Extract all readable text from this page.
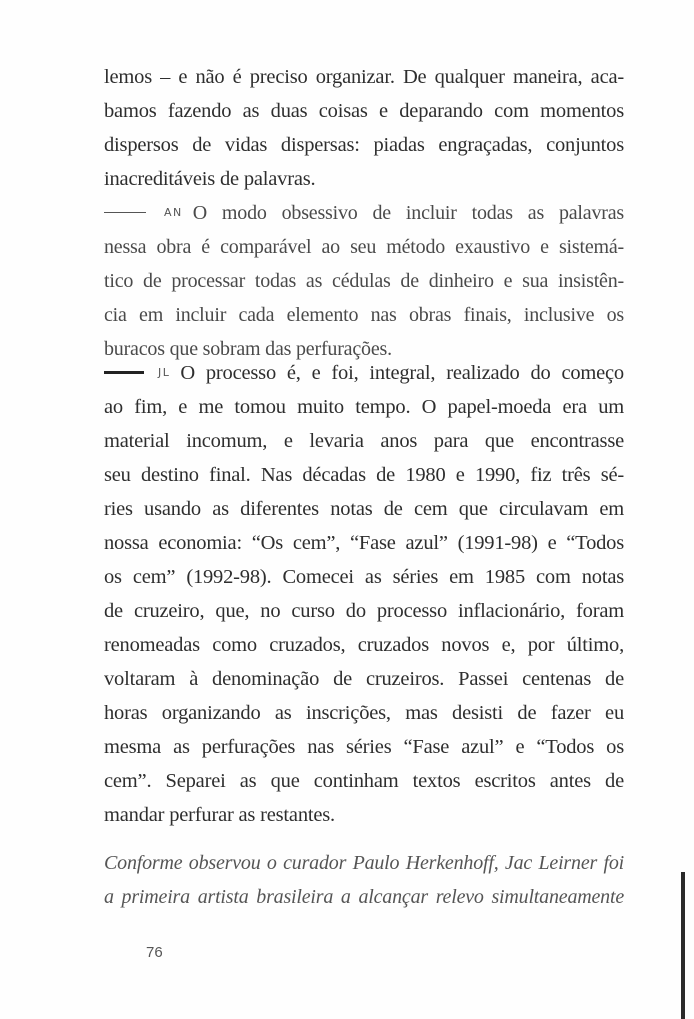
lemos – e não é preciso organizar. De qualquer maneira, aca-
bamos fazendo as duas coisas e deparando com momentos
dispersos de vidas dispersas: piadas engraçadas, conjuntos
inacreditáveis de palavras.
AN O modo obsessivo de incluir todas as palavras
nessa obra é comparável ao seu método exaustivo e sistemá-
tico de processar todas as cédulas de dinheiro e sua insistên-
cia em incluir cada elemento nas obras finais, inclusive os
buracos que sobram das perfurações.
JL O processo é, e foi, integral, realizado do começo
ao fim, e me tomou muito tempo. O papel-moeda era um
material incomum, e levaria anos para que encontrasse
seu destino final. Nas décadas de 1980 e 1990, fiz três sé-
ries usando as diferentes notas de cem que circulavam em
nossa economia: “Os cem”, “Fase azul” (1991-98) e “Todos
os cem” (1992-98). Comecei as séries em 1985 com notas
de cruzeiro, que, no curso do processo inflacionário, foram
renomeadas como cruzados, cruzados novos e, por último,
voltaram à denominação de cruzeiros. Passei centenas de
horas organizando as inscrições, mas desisti de fazer eu
mesma as perfurações nas séries “Fase azul” e “Todos os
cem”. Separei as que continham textos escritos antes de
mandar perfurar as restantes.
Conforme observou o curador Paulo Herkenhoff, Jac Leirner foi
a primeira artista brasileira a alcançar relevo simultaneamente
76
